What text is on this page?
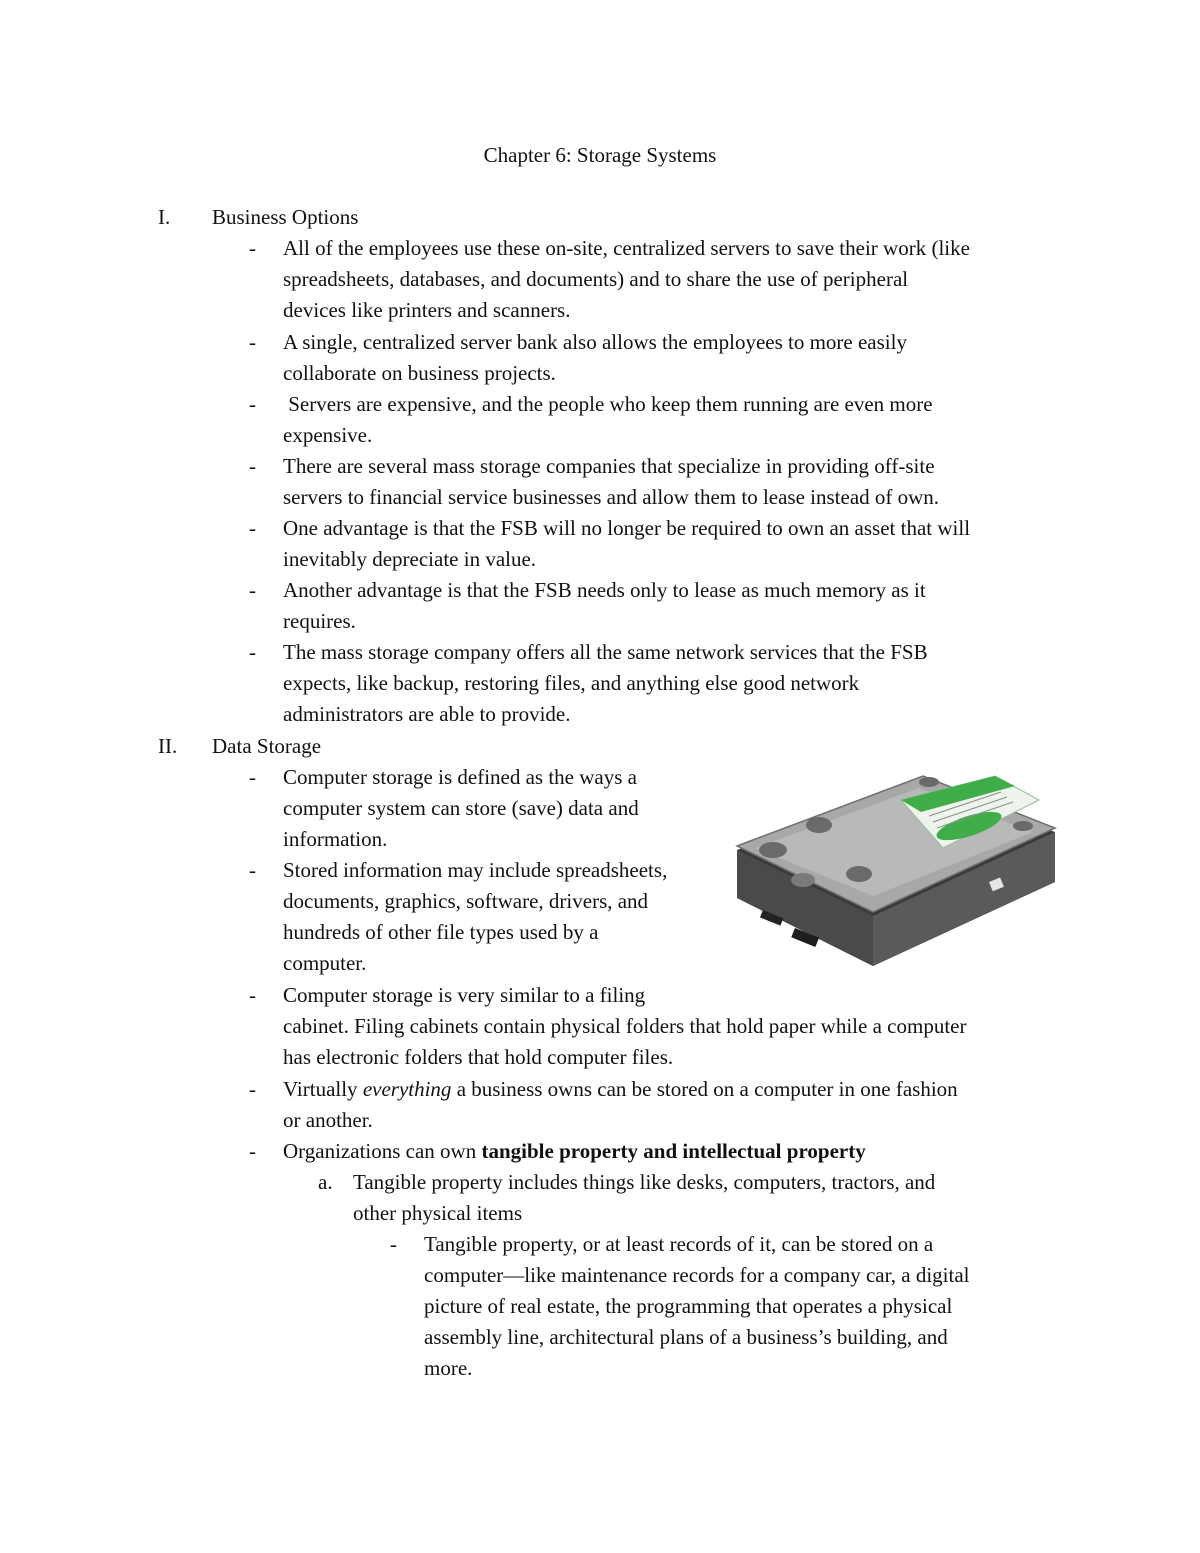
Chapter 6: Storage Systems
I. Business Options
- All of the employees use these on-site, centralized servers to save their work (like
spreadsheets, databases, and documents) and to share the use of peripheral
devices like printers and scanners.
- A single, centralized server bank also allows the employees to more easily
collaborate on business projects.
- Servers are expensive, and the people who keep them running are even more
expensive.
- There are several mass storage companies that specialize in providing off-site
servers to financial service businesses and allow them to lease instead of own.
- One advantage is that the FSB will no longer be required to own an asset that will
inevitably depreciate in value.
- Another advantage is that the FSB needs only to lease as much memory as it
requires.
- The mass storage company offers all the same network services that the FSB
expects, like backup, restoring files, and anything else good network
administrators are able to provide.
II. Data Storage
- Computer storage is defined as the ways a
computer system can store (save) data and
information.
- Stored information may include spreadsheets,
documents, graphics, software, drivers, and
hundreds of other file types used by a
computer.
- Computer storage is very similar to a filing
cabinet. Filing cabinets contain physical folders that hold paper while a computer
has electronic folders that hold computer files.
- Virtually everything a business owns can be stored on a computer in one fashion
or another.
- Organizations can own tangible property and intellectual property
a. Tangible property includes things like desks, computers, tractors, and
other physical items
- Tangible property, or at least records of it, can be stored on a
computer—like maintenance records for a company car, a digital
picture of real estate, the programming that operates a physical
assembly line, architectural plans of a business’s building, and
more.
